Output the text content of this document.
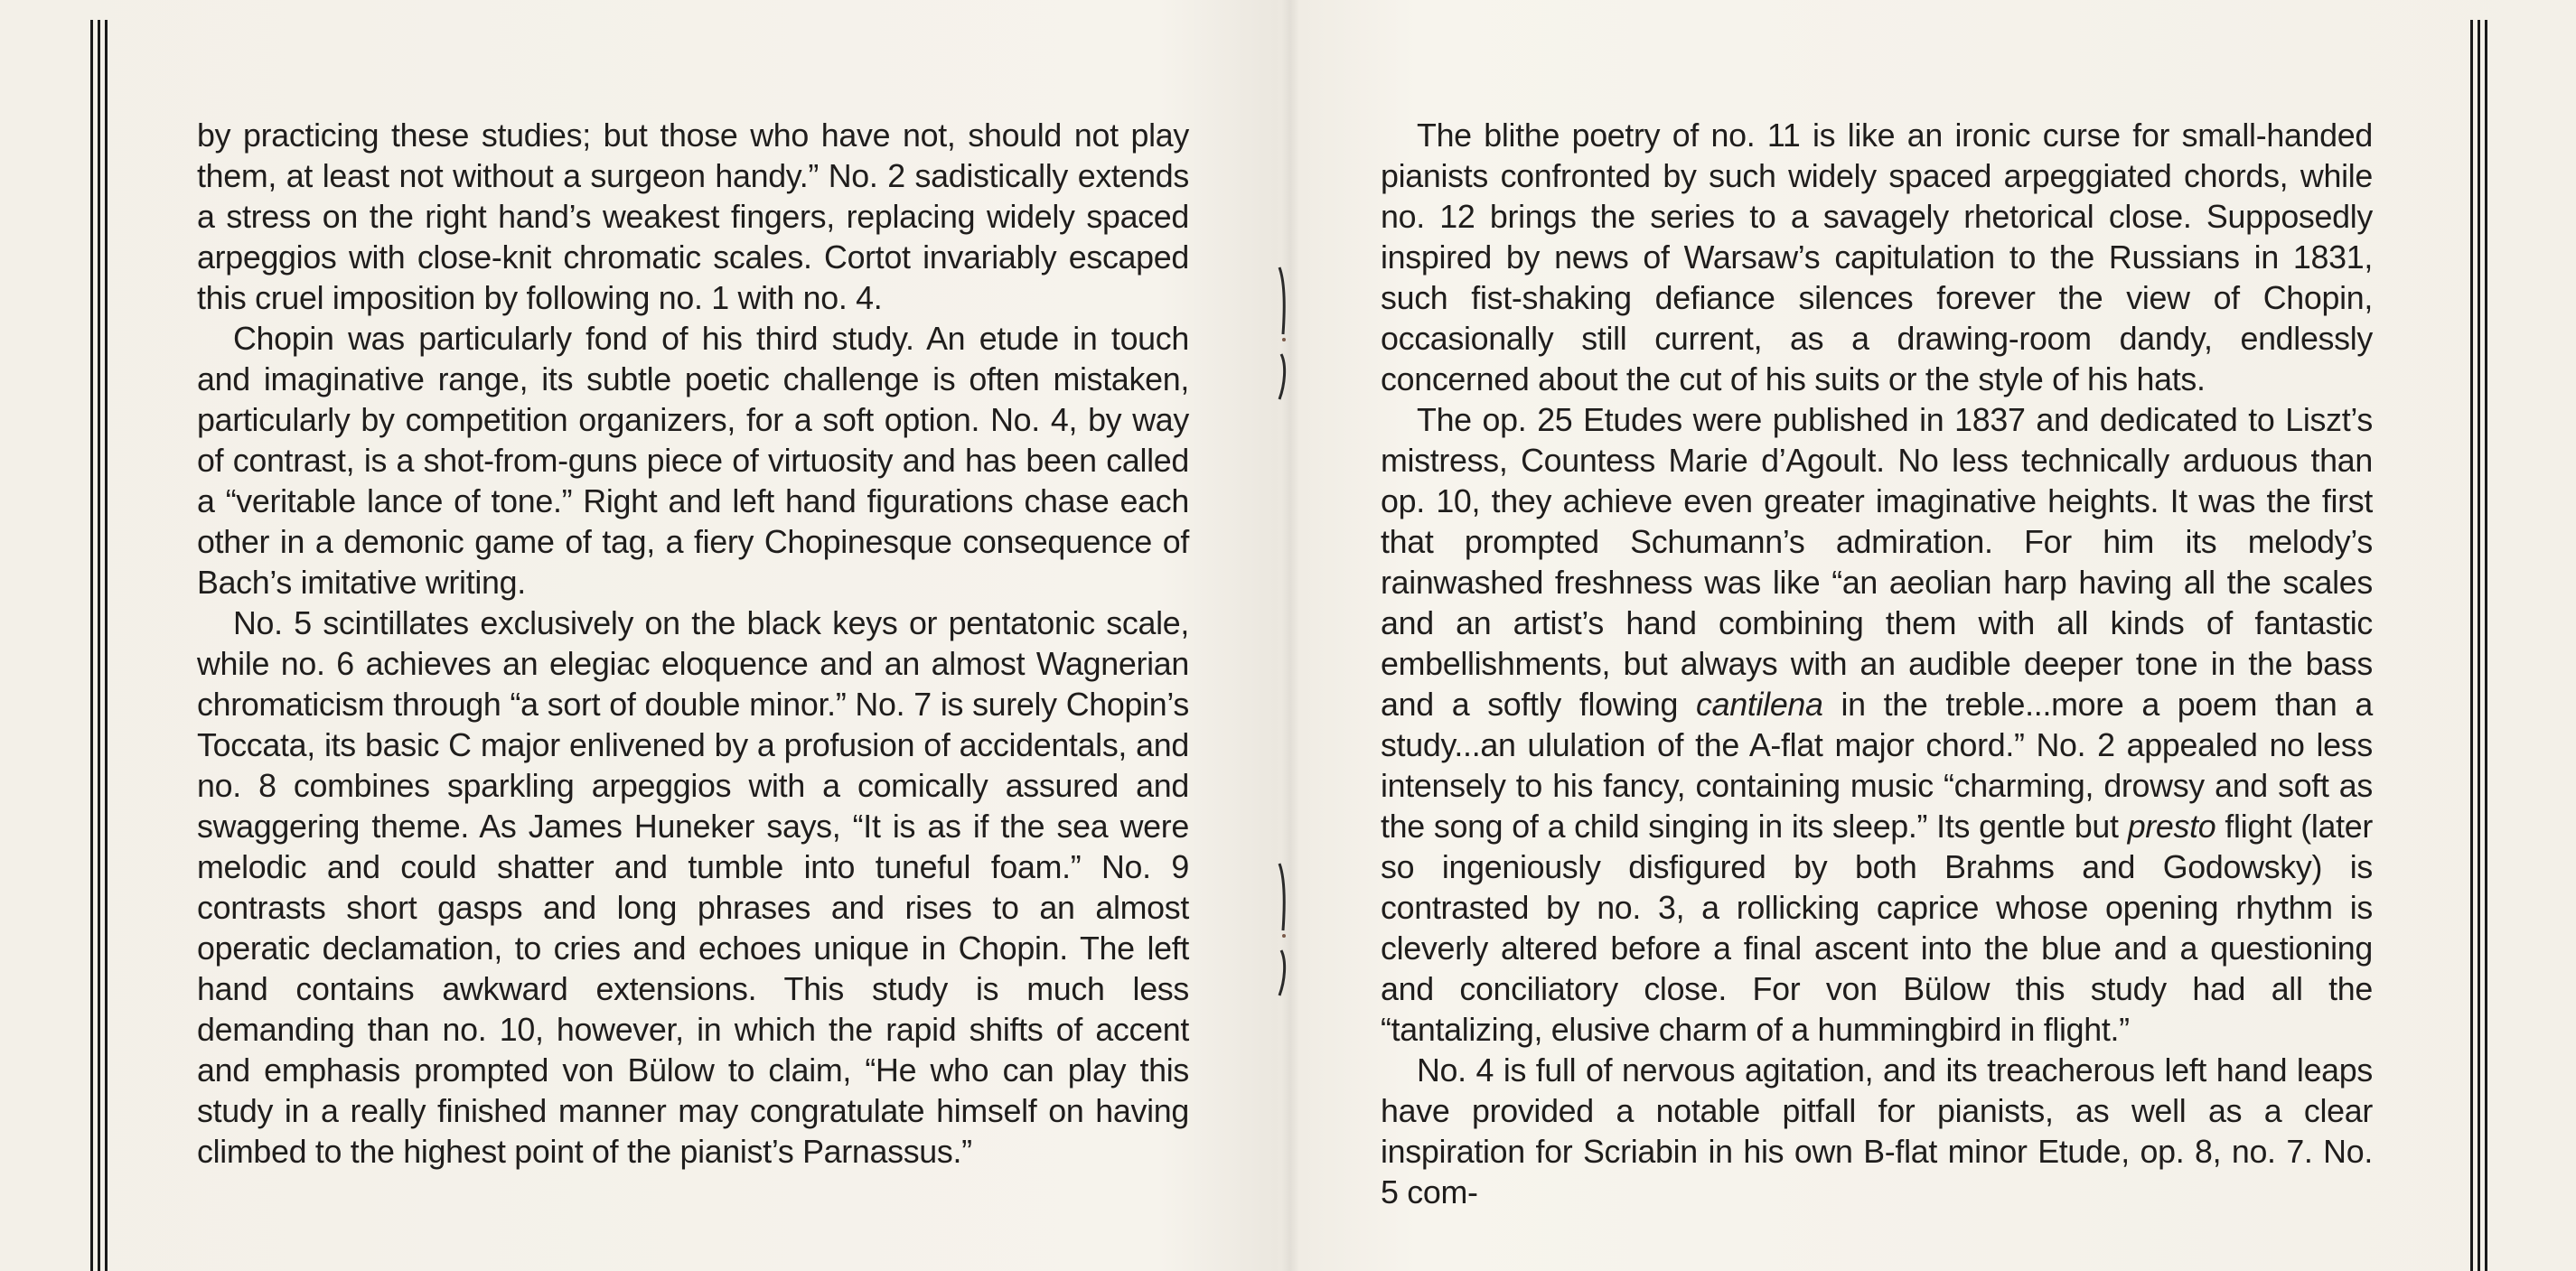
by practicing these studies; but those who have not, should not play them, at least not without a surgeon handy.” No. 2 sadistically extends a stress on the right hand’s weakest fingers, replacing widely spaced arpeggios with close-knit chromatic scales. Cortot invariably escaped this cruel imposition by following no. 1 with no. 4.

Chopin was particularly fond of his third study. An etude in touch and imaginative range, its subtle poetic challenge is often mistaken, particularly by competition organizers, for a soft option. No. 4, by way of contrast, is a shot-from-guns piece of virtuosity and has been called a “veritable lance of tone.” Right and left hand figurations chase each other in a demonic game of tag, a fiery Chopinesque consequence of Bach’s imitative writing.

No. 5 scintillates exclusively on the black keys or pentatonic scale, while no. 6 achieves an elegiac eloquence and an almost Wagnerian chromaticism through “a sort of double minor.” No. 7 is surely Chopin’s Toccata, its basic C major enlivened by a profusion of accidentals, and no. 8 combines sparkling arpeggios with a comically assured and swaggering theme. As James Huneker says, “It is as if the sea were melodic and could shatter and tumble into tuneful foam.” No. 9 contrasts short gasps and long phrases and rises to an almost operatic declamation, to cries and echoes unique in Chopin. The left hand contains awkward extensions. This study is much less demanding than no. 10, however, in which the rapid shifts of accent and emphasis prompted von Bülow to claim, “He who can play this study in a really finished manner may congratulate himself on having climbed to the highest point of the pianist’s Parnassus.”

The blithe poetry of no. 11 is like an ironic curse for small-handed pianists confronted by such widely spaced arpeggiated chords, while no. 12 brings the series to a savagely rhetorical close. Supposedly inspired by news of Warsaw’s capitulation to the Russians in 1831, such fist-shaking defiance silences forever the view of Chopin, occasionally still current, as a drawing-room dandy, endlessly concerned about the cut of his suits or the style of his hats.

The op. 25 Etudes were published in 1837 and dedicated to Liszt’s mistress, Countess Marie d’Agoult. No less technically arduous than op. 10, they achieve even greater imaginative heights. It was the first that prompted Schumann’s admiration. For him its melody’s rainwashed freshness was like “an aeolian harp having all the scales and an artist’s hand combining them with all kinds of fantastic embellishments, but always with an audible deeper tone in the bass and a softly flowing cantilena in the treble...more a poem than a study...an ululation of the A-flat major chord.” No. 2 appealed no less intensely to his fancy, containing music “charming, drowsy and soft as the song of a child singing in its sleep.” Its gentle but presto flight (later so ingeniously disfigured by both Brahms and Godowsky) is contrasted by no. 3, a rollicking caprice whose opening rhythm is cleverly altered before a final ascent into the blue and a questioning and conciliatory close. For von Bülow this study had all the “tantalizing, elusive charm of a hummingbird in flight.”

No. 4 is full of nervous agitation, and its treacherous left hand leaps have provided a notable pitfall for pianists, as well as a clear inspiration for Scriabin in his own B-flat minor Etude, op. 8, no. 7. No. 5 com-
